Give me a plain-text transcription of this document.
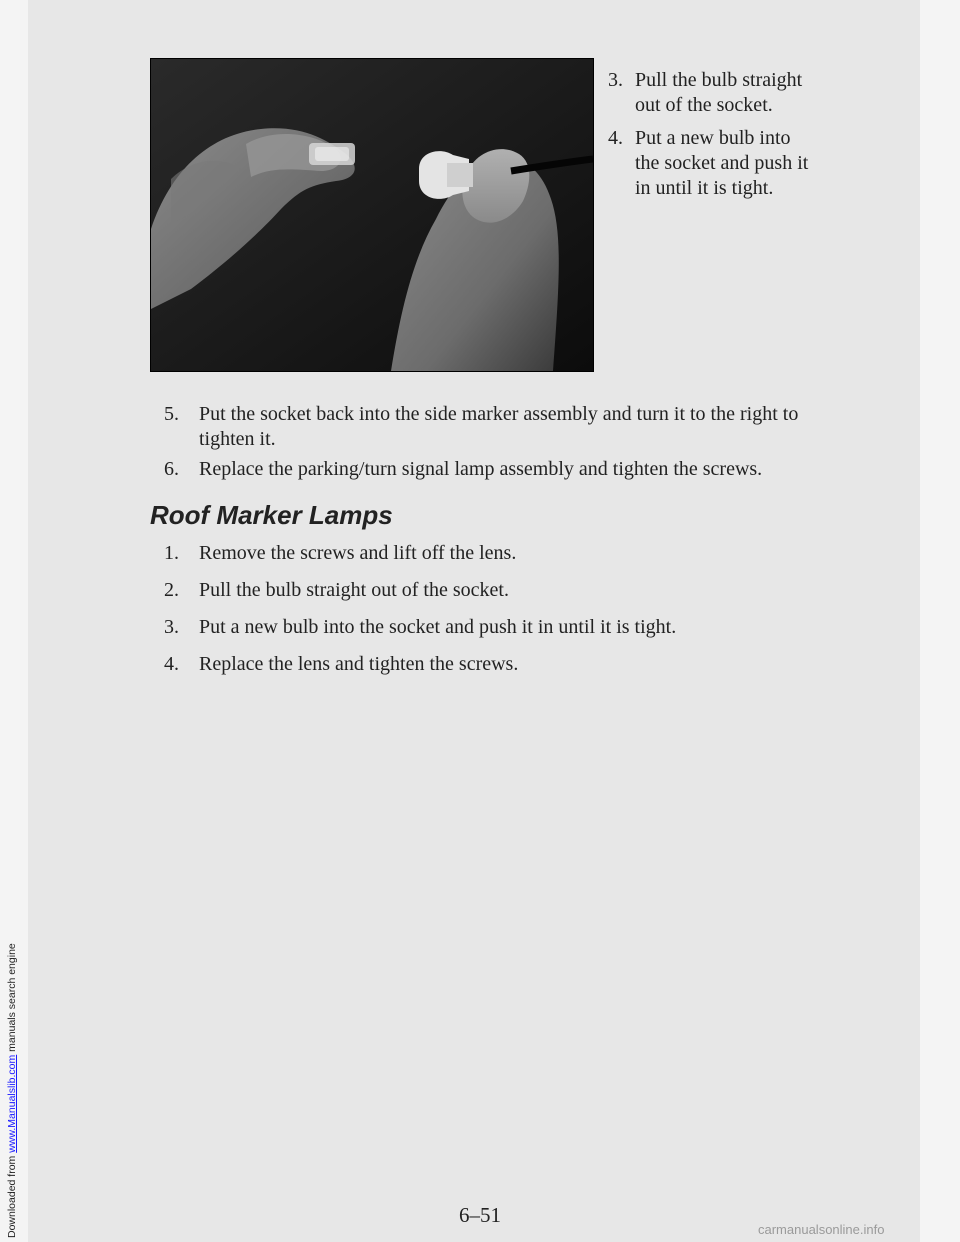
Downloaded from www.Manualslib.com manuals search engine
3. Pull the bulb straight out of the socket.
4. Put a new bulb into the socket and push it in until it is tight.
5. Put the socket back into the side marker assembly and turn it to the right to tighten it.
6. Replace the parking/turn signal lamp assembly and tighten the screws.
Roof Marker Lamps
1. Remove the screws and lift off the lens.
2. Pull the bulb straight out of the socket.
3. Put a new bulb into the socket and push it in until it is tight.
4. Replace the lens and tighten the screws.
6–51
carmanualsonline.info
